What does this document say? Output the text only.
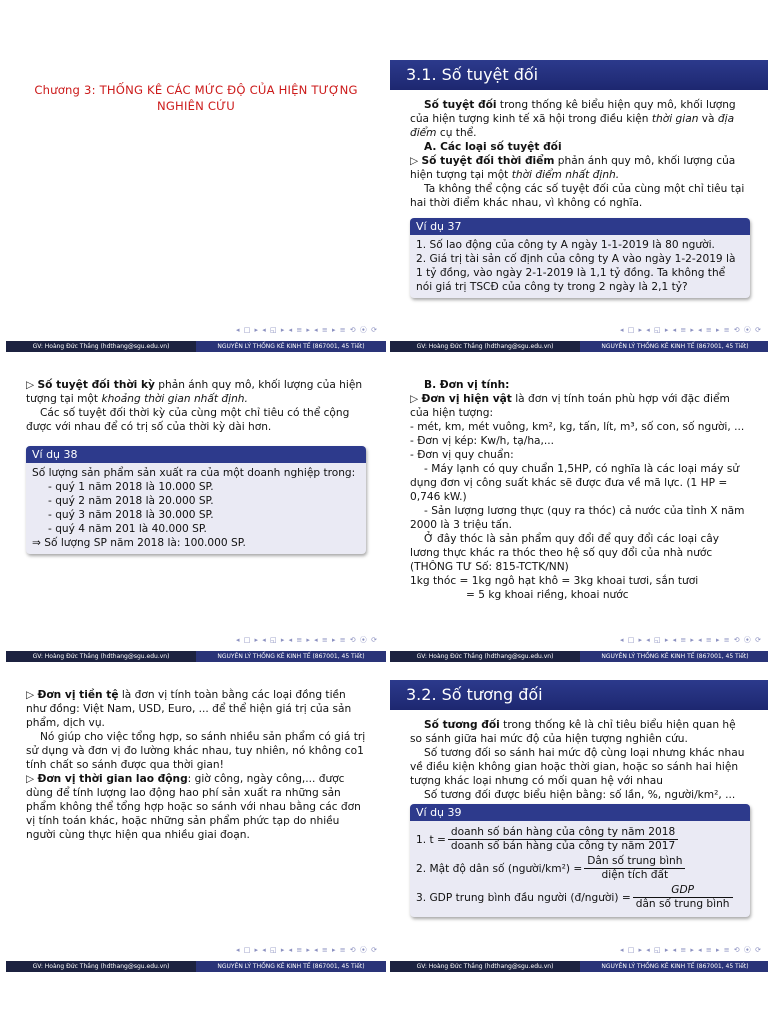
Chương 3: THỐNG KÊ CÁC MỨC ĐỘ CỦA HIỆN TƯỢNG
NGHIÊN CỨU
◂ □ ▸ ◂ ◱ ▸ ◂ ≡ ▸ ◂ ≡ ▸ ≡ ⟲ ⦿ ⟳
GV: Hoàng Đức Thắng (hdthang@sgu.edu.vn)	NGUYÊN LÝ THỐNG KÊ KINH TẾ (867001, 45 Tiết)
3.1. Số tuyệt đối

Số tuyệt đối trong thống kê biểu hiện quy mô, khối lượng của hiện tượng kinh tế xã hội trong điều kiện thời gian và địa điểm cụ thể.

A. Các loại số tuyệt đối

▷ Số tuyệt đối thời điểm phản ánh quy mô, khối lượng của hiện tượng tại một thời điểm nhất định.

Ta không thể cộng các số tuyệt đối của cùng một chỉ tiêu tại hai thời điểm khác nhau, vì không có nghĩa.

Ví dụ 37
1. Số lao động của công ty A ngày 1-1-2019 là 80 người.
2. Giá trị tài sản cố định của công ty A vào ngày 1-2-2019 là 1 tỷ đồng, vào ngày 2-1-2019 là 1,1 tỷ đồng. Ta không thể nói giá trị TSCĐ của công ty trong 2 ngày là 2,1 tỷ?
◂ □ ▸ ◂ ◱ ▸ ◂ ≡ ▸ ◂ ≡ ▸ ≡ ⟲ ⦿ ⟳
GV: Hoàng Đức Thắng (hdthang@sgu.edu.vn)	NGUYÊN LÝ THỐNG KÊ KINH TẾ (867001, 45 Tiết)

▷ Số tuyệt đối thời kỳ phản ánh quy mô, khối lượng của hiện tượng tại một khoảng thời gian nhất định.

Các số tuyệt đối thời kỳ của cùng một chỉ tiêu có thể cộng được với nhau để có trị số của thời kỳ dài hơn.

Ví dụ 38
Số lượng sản phẩm sản xuất ra của một doanh nghiệp trong:
- quý 1 năm 2018 là 10.000 SP.
- quý 2 năm 2018 là 20.000 SP.
- quý 3 năm 2018 là 30.000 SP.
- quý 4 năm 201 là 40.000 SP.
⇒ Số lượng SP năm 2018 là: 100.000 SP.
◂ □ ▸ ◂ ◱ ▸ ◂ ≡ ▸ ◂ ≡ ▸ ≡ ⟲ ⦿ ⟳
GV: Hoàng Đức Thắng (hdthang@sgu.edu.vn)	NGUYÊN LÝ THỐNG KÊ KINH TẾ (867001, 45 Tiết)

B. Đơn vị tính:

▷ Đơn vị hiện vật là đơn vị tính toán phù hợp với đặc điểm của hiện tượng:

- mét, km, mét vuông, km², kg, tấn, lít, m³, số con, số người, ...

- Đơn vị kép: Kw/h, tạ/ha,...

- Đơn vị quy chuẩn:

- Máy lạnh có quy chuẩn 1,5HP, có nghĩa là các loại máy sử dụng đơn vị công suất khác sẽ được đưa về mã lực. (1 HP = 0,746 kW.)

- Sản lượng lương thực (quy ra thóc) cả nước của tỉnh X năm 2000 là 3 triệu tấn.

Ở đây thóc là sản phẩm quy đổi để quy đổi các loại cây lương thực khác ra thóc theo hệ số quy đổi của nhà nước (THÔNG TƯ Số: 815-TCTK/NN)

1kg thóc = 1kg ngô hạt khô = 3kg khoai tươi, sắn tươi

= 5 kg khoai riềng, khoai nước

◂ □ ▸ ◂ ◱ ▸ ◂ ≡ ▸ ◂ ≡ ▸ ≡ ⟲ ⦿ ⟳
GV: Hoàng Đức Thắng (hdthang@sgu.edu.vn)	NGUYÊN LÝ THỐNG KÊ KINH TẾ (867001, 45 Tiết)

▷ Đơn vị tiền tệ là đơn vị tính toàn bằng các loại đồng tiền như đồng: Việt Nam, USD, Euro, ... để thể hiện giá trị của sản phẩm, dịch vụ.

Nó giúp cho việc tổng hợp, so sánh nhiều sản phẩm có giá trị sử dụng và đơn vị đo lường khác nhau, tuy nhiên, nó không co1 tính chất so sánh được qua thời gian!

▷ Đơn vị thời gian lao động: giờ công, ngày công,... được dùng để tính lượng lao động hao phí sản xuất ra những sản phẩm không thể tổng hợp hoặc so sánh với nhau bằng các đơn vị tính toán khác, hoặc những sản phẩm phức tạp do nhiều người cùng thực hiện qua nhiều giai đoạn.

◂ □ ▸ ◂ ◱ ▸ ◂ ≡ ▸ ◂ ≡ ▸ ≡ ⟲ ⦿ ⟳
GV: Hoàng Đức Thắng (hdthang@sgu.edu.vn)	NGUYÊN LÝ THỐNG KÊ KINH TẾ (867001, 45 Tiết)
3.2. Số tương đối

Số tương đối trong thống kê là chỉ tiêu biểu hiện quan hệ so sánh giữa hai mức độ của hiện tượng nghiên cứu.

Số tương đối so sánh hai mức độ cùng loại nhưng khác nhau về điều kiện không gian hoặc thời gian, hoặc so sánh hai hiện tượng khác loại nhưng có mối quan hệ với nhau

Số tương đối được biểu hiện bằng: số lần, %, người/km², ...

Ví dụ 39
1. $t = \frac{\text{doanh số bán hàng của công ty năm 2018}}{\text{doanh số bán hàng của công ty năm 2017}}$
2. Mật độ dân số (người/km²) = $\frac{\text{Dân số trung bình}}{\text{diện tích đất}}$
3. GDP trung bình đầu người (đ/người) = $\frac{\text{GDP}}{\text{dân số trung bình}}$
◂ □ ▸ ◂ ◱ ▸ ◂ ≡ ▸ ◂ ≡ ▸ ≡ ⟲ ⦿ ⟳
GV: Hoàng Đức Thắng (hdthang@sgu.edu.vn)	NGUYÊN LÝ THỐNG KÊ KINH TẾ (867001, 45 Tiết)
